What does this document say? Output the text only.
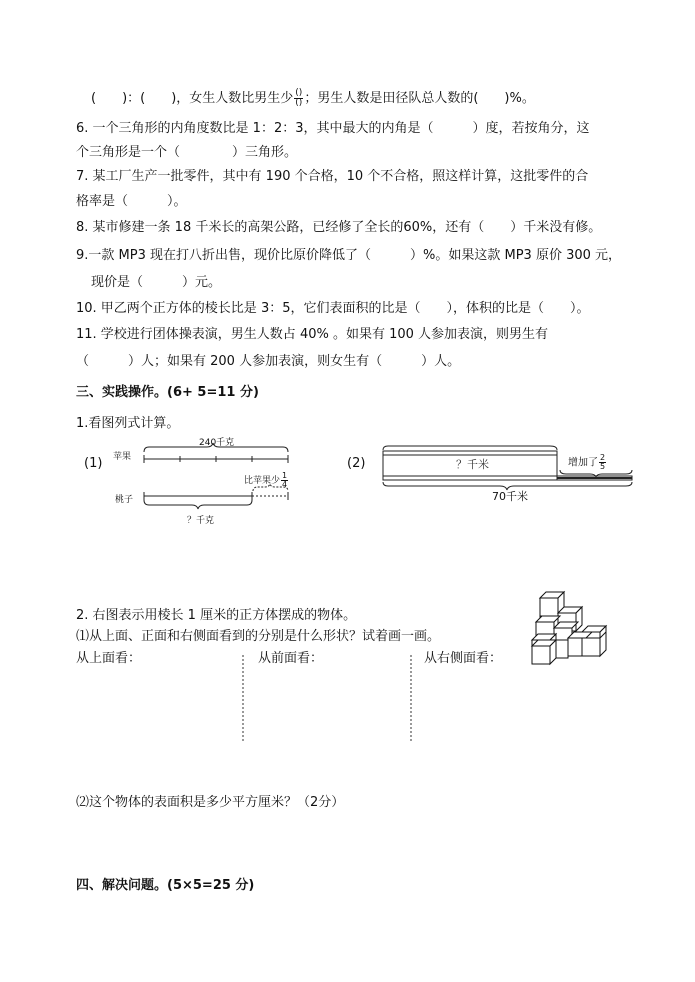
(　　)：(　　)，女生人数比男生少 $\frac{()}{()}$ ；男生人数是田径队总人数的(　　)%。
6. 一个三角形的内角度数比是 1：2：3，其中最大的内角是（　　　）度，若按角分，这
个三角形是一个（　　　　）三角形。
7. 某工厂生产一批零件，其中有 190 个合格，10 个不合格，照这样计算，这批零件的合
格率是（　　　）。
8. 某市修建一条 18 千米长的高架公路，已经修了全长的60%，还有（　　）千米没有修。
9.一款 MP3 现在打八折出售，现价比原价降低了（　　　）%。如果这款 MP3 原价 300 元，
现价是（　　　）元。
10. 甲乙两个正方体的棱长比是 3：5，它们表面积的比是（　　），体积的比是（　　）。
11. 学校进行团体操表演，男生人数占 40% 。如果有 100 人参加表演，则男生有
（　　　）人；如果有 200 人参加表演，则女生有（　　　）人。
三、实践操作。(6+ 5=11 分)
1.看图列式计算。
(1) 苹果
桃子
240千克
比苹果少 $\frac{1}{4}$
？千克
(2)	？千米	增加了 $\frac{2}{5}$
70千米
2. 右图表示用棱长 1 厘米的正方体摆成的物体。
⑴从上面、正面和右侧面看到的分别是什么形状？试着画一画。
从上面看：	从前面看：	从右侧面看：
⑵这个物体的表面积是多少平方厘米？（2分）
四、解决问题。(5×5=25 分)
